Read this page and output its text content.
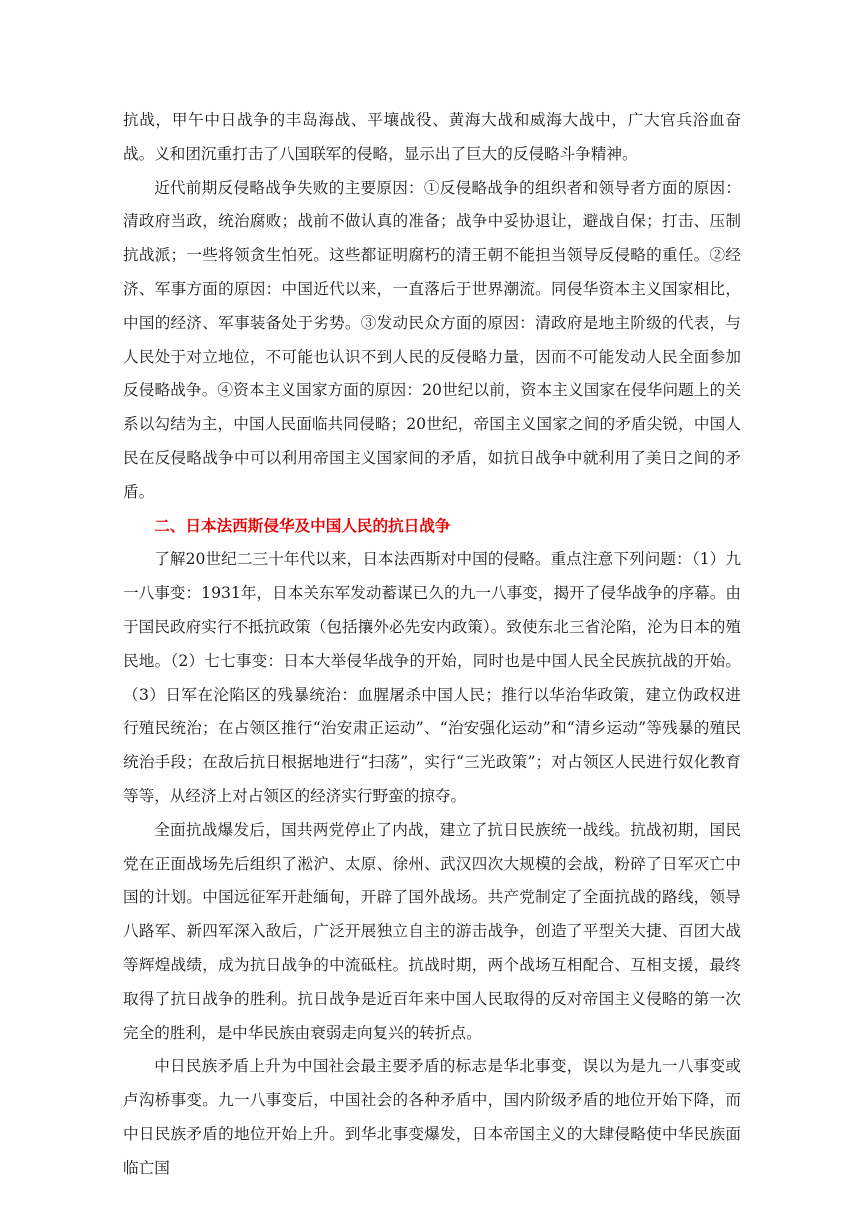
抗战，甲午中日战争的丰岛海战、平壤战役、黄海大战和威海大战中，广大官兵浴血奋战。义和团沉重打击了八国联军的侵略，显示出了巨大的反侵略斗争精神。

近代前期反侵略战争失败的主要原因：①反侵略战争的组织者和领导者方面的原因：清政府当政，统治腐败；战前不做认真的准备；战争中妥协退让，避战自保；打击、压制抗战派；一些将领贪生怕死。这些都证明腐朽的清王朝不能担当领导反侵略的重任。②经济、军事方面的原因：中国近代以来，一直落后于世界潮流。同侵华资本主义国家相比，中国的经济、军事装备处于劣势。③发动民众方面的原因：清政府是地主阶级的代表，与人民处于对立地位，不可能也认识不到人民的反侵略力量，因而不可能发动人民全面参加反侵略战争。④资本主义国家方面的原因：20世纪以前，资本主义国家在侵华问题上的关系以勾结为主，中国人民面临共同侵略；20世纪，帝国主义国家之间的矛盾尖锐，中国人民在反侵略战争中可以利用帝国主义国家间的矛盾，如抗日战争中就利用了美日之间的矛盾。

二、日本法西斯侵华及中国人民的抗日战争

了解20世纪二三十年代以来，日本法西斯对中国的侵略。重点注意下列问题：（1）九一八事变：1931年，日本关东军发动蓄谋已久的九一八事变，揭开了侵华战争的序幕。由于国民政府实行不抵抗政策（包括攘外必先安内政策）。致使东北三省沦陷，沦为日本的殖民地。（2）七七事变：日本大举侵华战争的开始，同时也是中国人民全民族抗战的开始。（3）日军在沦陷区的残暴统治：血腥屠杀中国人民；推行以华治华政策，建立伪政权进行殖民统治；在占领区推行“治安肃正运动”、“治安强化运动”和“清乡运动”等残暴的殖民统治手段；在敌后抗日根据地进行“扫荡”，实行“三光政策”；对占领区人民进行奴化教育等等，从经济上对占领区的经济实行野蛮的掠夺。

全面抗战爆发后，国共两党停止了内战，建立了抗日民族统一战线。抗战初期，国民党在正面战场先后组织了淞沪、太原、徐州、武汉四次大规模的会战，粉碎了日军灭亡中国的计划。中国远征军开赴缅甸，开辟了国外战场。共产党制定了全面抗战的路线，领导八路军、新四军深入敌后，广泛开展独立自主的游击战争，创造了平型关大捷、百团大战等辉煌战绩，成为抗日战争的中流砥柱。抗战时期，两个战场互相配合、互相支援，最终取得了抗日战争的胜利。抗日战争是近百年来中国人民取得的反对帝国主义侵略的第一次完全的胜利，是中华民族由衰弱走向复兴的转折点。

中日民族矛盾上升为中国社会最主要矛盾的标志是华北事变，误以为是九一八事变或卢沟桥事变。九一八事变后，中国社会的各种矛盾中，国内阶级矛盾的地位开始下降，而中日民族矛盾的地位开始上升。到华北事变爆发，日本帝国主义的大肆侵略使中华民族面临亡国
